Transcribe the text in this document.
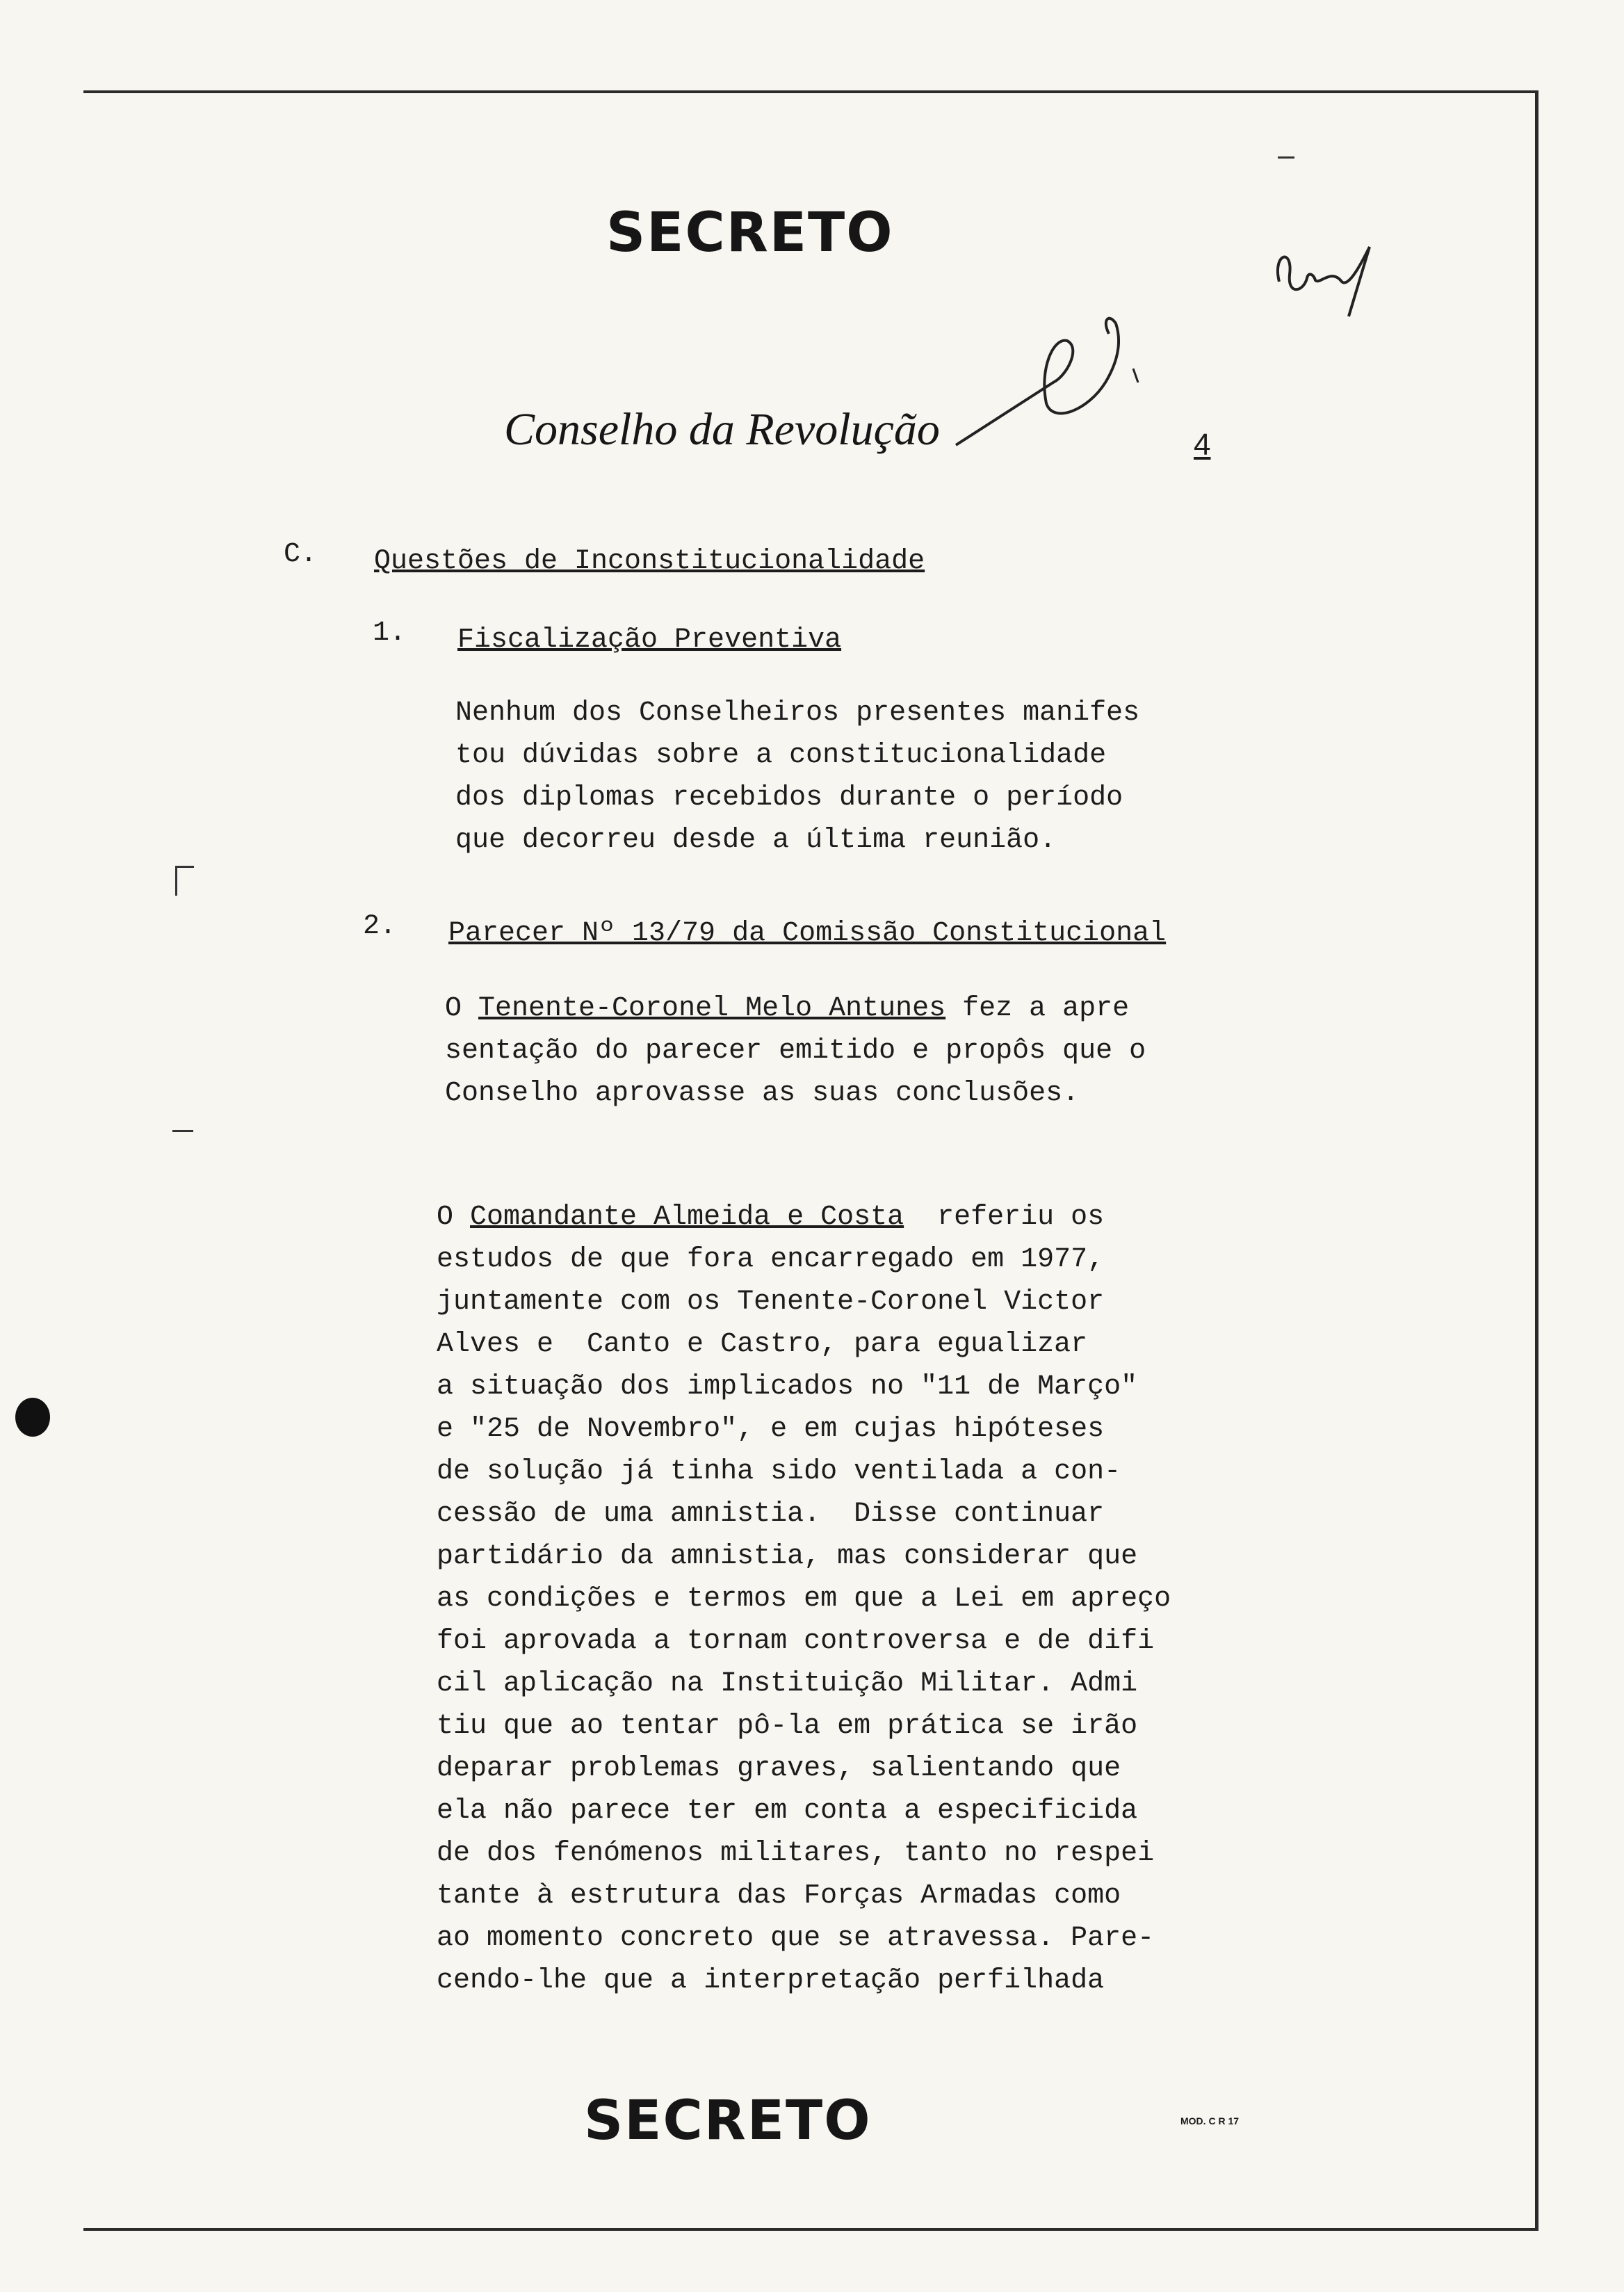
SECRETO
Conselho da Revolução	4
C. Questões de Inconstitucionalidade
1. Fiscalização Preventiva
Nenhum dos Conselheiros presentes manifes
tou dúvidas sobre a constitucionalidade
dos diplomas recebidos durante o período
que decorreu desde a última reunião.
2. Parecer Nº 13/79 da Comissão Constitucional
O Tenente-Coronel Melo Antunes fez a apre
sentação do parecer emitido e propôs que o
Conselho aprovasse as suas conclusões.
O Comandante Almeida e Costa  referiu os
estudos de que fora encarregado em 1977,
juntamente com os Tenente-Coronel Victor
Alves e  Canto e Castro, para egualizar
a situação dos implicados no "11 de Março"
e "25 de Novembro", e em cujas hipóteses
de solução já tinha sido ventilada a con-
cessão de uma amnistia.  Disse continuar
partidário da amnistia, mas considerar que
as condições e termos em que a Lei em apreço
foi aprovada a tornam controversa e de difi
cil aplicação na Instituição Militar. Admi
tiu que ao tentar pô-la em prática se irão
deparar problemas graves, salientando que
ela não parece ter em conta a especificida
de dos fenómenos militares, tanto no respei
tante à estrutura das Forças Armadas como
ao momento concreto que se atravessa. Pare-
cendo-lhe que a interpretação perfilhada
SECRETO	MOD. C R 17
